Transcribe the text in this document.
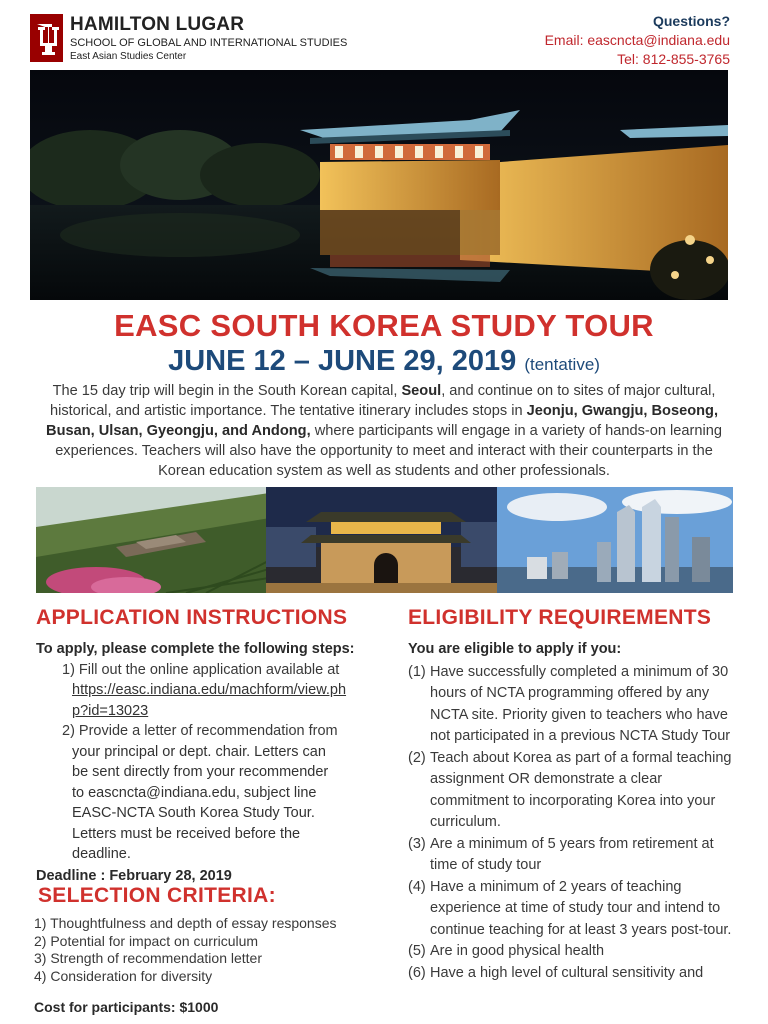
HAMILTON LUGAR
SCHOOL OF GLOBAL AND INTERNATIONAL STUDIES
East Asian Studies Center
Questions?
Email: eascncta@indiana.edu
Tel: 812-855-3765
EASC SOUTH KOREA STUDY TOUR
JUNE 12 – JUNE 29, 2019 (tentative)
The 15 day trip will begin in the South Korean capital, Seoul, and continue on to sites of major cultural, historical, and artistic importance. The tentative itinerary includes stops in Jeonju, Gwangju, Boseong, Busan, Ulsan, Gyeongju, and Andong, where participants will engage in a variety of hands-on learning experiences. Teachers will also have the opportunity to meet and interact with their counterparts in the Korean education system as well as students and other professionals.
APPLICATION INSTRUCTIONS
To apply, please complete the following steps:
1) Fill out the online application available at
https://easc.indiana.edu/machform/view.ph
p?id=13023
2) Provide a letter of recommendation from
your principal or dept. chair. Letters can
be sent directly from your recommender
to eascncta@indiana.edu, subject line
EASC-NCTA South Korea Study Tour.
Letters must be received before the
deadline.
Deadline : February 28, 2019
SELECTION CRITERIA:
1) Thoughtfulness and depth of essay responses
2) Potential for impact on curriculum
3) Strength of recommendation letter
4) Consideration for diversity
Cost for participants: $1000
ELIGIBILITY REQUIREMENTS
You are eligible to apply if you:
(1) Have successfully completed a minimum of 30 hours of NCTA programming offered by any NCTA site. Priority given to teachers who have not participated in a previous NCTA Study Tour
(2) Teach about Korea as part of a formal teaching assignment OR demonstrate a clear commitment to incorporating Korea into your curriculum.
(3) Are a minimum of 5 years from retirement at time of study tour
(4) Have a minimum of 2 years of teaching experience at time of study tour and intend to continue teaching for at least 3 years post-tour.
(5) Are in good physical health
(6) Have a high level of cultural sensitivity and
